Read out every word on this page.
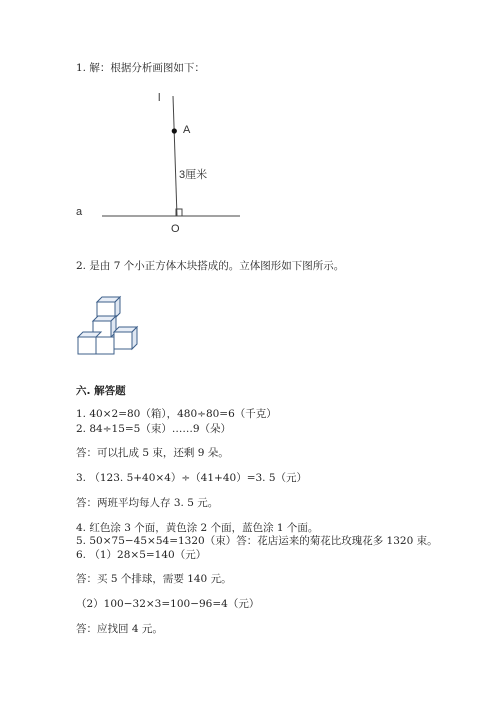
1. 解：根据分析画图如下：
l
A
3厘米
a
O
2. 是由 7 个小正方体木块搭成的。立体图形如下图所示。
六. 解答题
1. 40×2=80（箱），480÷80=6（千克）
2. 84÷15=5（束）……9（朵）
答：可以扎成 5 束，还剩 9 朵。
3. （123. 5+40×4）÷（41+40）=3. 5（元）
答：两班平均每人存 3. 5 元。
4. 红色涂 3 个面，黄色涂 2 个面，蓝色涂 1 个面。
5. 50×75−45×54=1320（束）答：花店运来的菊花比玫瑰花多 1320 束。
6. （1）28×5=140（元）
答：买 5 个排球，需要 140 元。
（2）100−32×3=100−96=4（元）
答：应找回 4 元。
